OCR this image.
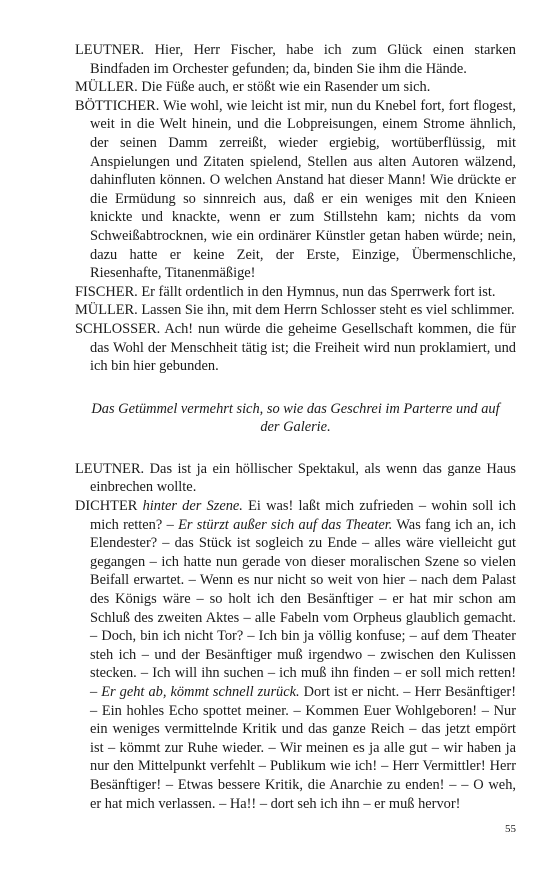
LEUTNER. Hier, Herr Fischer, habe ich zum Glück einen starken Bindfaden im Orchester gefunden; da, binden Sie ihm die Hände.

MÜLLER. Die Füße auch, er stößt wie ein Rasender um sich.

BÖTTICHER. Wie wohl, wie leicht ist mir, nun du Knebel fort, fort flogest, weit in die Welt hinein, und die Lobpreisungen, einem Strome ähnlich, der seinen Damm zerreißt, wieder ergiebig, wortüberflüssig, mit Anspielungen und Zitaten spielend, Stellen aus alten Autoren wälzend, dahinfluten können. O welchen Anstand hat dieser Mann! Wie drückte er die Ermüdung so sinnreich aus, daß er ein weniges mit den Knieen knickte und knackte, wenn er zum Stillstehn kam; nichts da vom Schweißabtrocknen, wie ein ordinärer Künstler getan haben würde; nein, dazu hatte er keine Zeit, der Erste, Einzige, Übermenschliche, Riesenhafte, Titanenmäßige!

FISCHER. Er fällt ordentlich in den Hymnus, nun das Sperrwerk fort ist.

MÜLLER. Lassen Sie ihn, mit dem Herrn Schlosser steht es viel schlimmer.

SCHLOSSER. Ach! nun würde die geheime Gesellschaft kommen, die für das Wohl der Menschheit tätig ist; die Freiheit wird nun proklamiert, und ich bin hier gebunden.

Das Getümmel vermehrt sich, so wie das Geschrei im Parterre und auf der Galerie.

LEUTNER. Das ist ja ein höllischer Spektakul, als wenn das ganze Haus einbrechen wollte.

DICHTER hinter der Szene. Ei was! laßt mich zufrieden – wohin soll ich mich retten? – Er stürzt außer sich auf das Theater. Was fang ich an, ich Elendester? – das Stück ist sogleich zu Ende – alles wäre vielleicht gut gegangen – ich hatte nun gerade von dieser moralischen Szene so vielen Beifall erwartet. – Wenn es nur nicht so weit von hier – nach dem Palast des Königs wäre – so holt ich den Besänftiger – er hat mir schon am Schluß des zweiten Aktes – alle Fabeln vom Orpheus glaublich gemacht. – Doch, bin ich nicht Tor? – Ich bin ja völlig konfuse; – auf dem Theater steh ich – und der Besänftiger muß irgendwo – zwischen den Kulissen stecken. – Ich will ihn suchen – ich muß ihn finden – er soll mich retten! – Er geht ab, kömmt schnell zurück. Dort ist er nicht. – Herr Besänftiger! – Ein hohles Echo spottet meiner. – Kommen Euer Wohlgeboren! – Nur ein weniges vermittelnde Kritik und das ganze Reich – das jetzt empört ist – kömmt zur Ruhe wieder. – Wir meinen es ja alle gut – wir haben ja nur den Mittelpunkt verfehlt – Publikum wie ich! – Herr Vermittler! Herr Besänftiger! – Etwas bessere Kritik, die Anarchie zu enden! – – O weh, er hat mich verlassen. – Ha!! – dort seh ich ihn – er muß hervor!

55
